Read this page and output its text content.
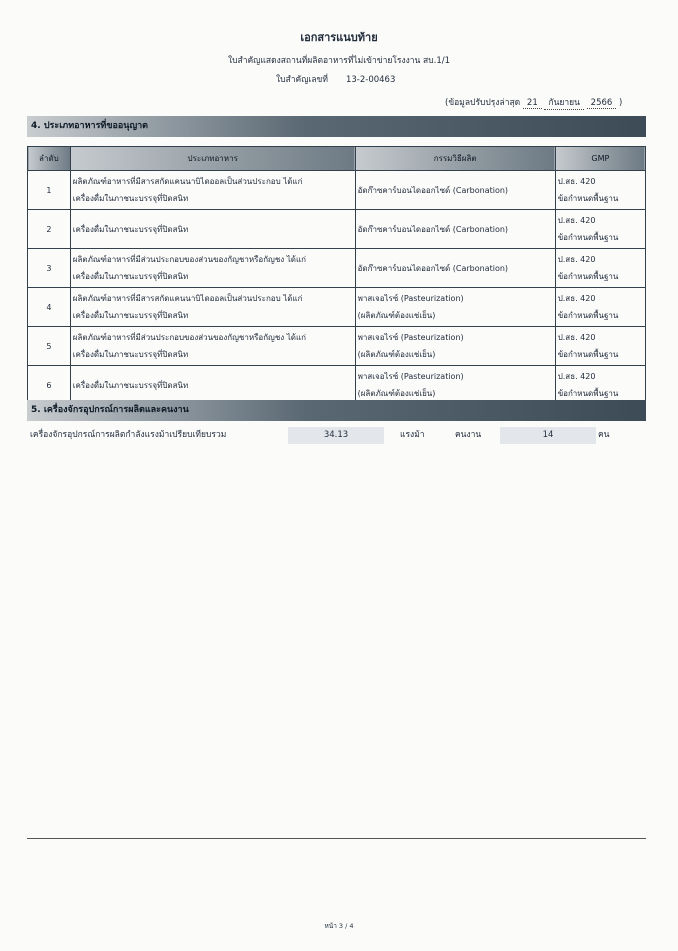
เอกสารแนบท้าย
ใบสำคัญแสดงสถานที่ผลิตอาหารที่ไม่เข้าข่ายโรงงาน สบ.1/1
ใบสำคัญเลขที่ 13-2-00463
(ข้อมูลปรับปรุงล่าสุด 21 กันยายน 2566 )
4. ประเภทอาหารที่ขออนุญาต
ลำดับ	ประเภทอาหาร	กรรมวิธีผลิต	GMP
1	ผลิตภัณฑ์อาหารที่มีสารสกัดแคนนาบิไดออลเป็นส่วนประกอบ ได้แก่
เครื่องดื่มในภาชนะบรรจุที่ปิดสนิท	อัดก๊าซคาร์บอนไดออกไซด์ (Carbonation)	ป.สธ. 420
ข้อกำหนดพื้นฐาน

2	เครื่องดื่มในภาชนะบรรจุที่ปิดสนิท	อัดก๊าซคาร์บอนไดออกไซด์ (Carbonation)	ป.สธ. 420
ข้อกำหนดพื้นฐาน

3	ผลิตภัณฑ์อาหารที่มีส่วนประกอบของส่วนของกัญชาหรือกัญชง ได้แก่
เครื่องดื่มในภาชนะบรรจุที่ปิดสนิท	อัดก๊าซคาร์บอนไดออกไซด์ (Carbonation)	ป.สธ. 420
ข้อกำหนดพื้นฐาน

4	ผลิตภัณฑ์อาหารที่มีสารสกัดแคนนาบิไดออลเป็นส่วนประกอบ ได้แก่
เครื่องดื่มในภาชนะบรรจุที่ปิดสนิท	พาสเจอไรซ์ (Pasteurization)
(ผลิตภัณฑ์ต้องแช่เย็น)	ป.สธ. 420
ข้อกำหนดพื้นฐาน

5	ผลิตภัณฑ์อาหารที่มีส่วนประกอบของส่วนของกัญชาหรือกัญชง ได้แก่
เครื่องดื่มในภาชนะบรรจุที่ปิดสนิท	พาสเจอไรซ์ (Pasteurization)
(ผลิตภัณฑ์ต้องแช่เย็น)	ป.สธ. 420
ข้อกำหนดพื้นฐาน

6	เครื่องดื่มในภาชนะบรรจุที่ปิดสนิท	พาสเจอไรซ์ (Pasteurization)
(ผลิตภัณฑ์ต้องแช่เย็น)	ป.สธ. 420
ข้อกำหนดพื้นฐาน
5. เครื่องจักรอุปกรณ์การผลิตและคนงาน
เครื่องจักรอุปกรณ์การผลิตกำลังแรงม้าเปรียบเทียบรวม	34.13	แรงม้า	คนงาน	14	คน
หน้า 3 / 4
